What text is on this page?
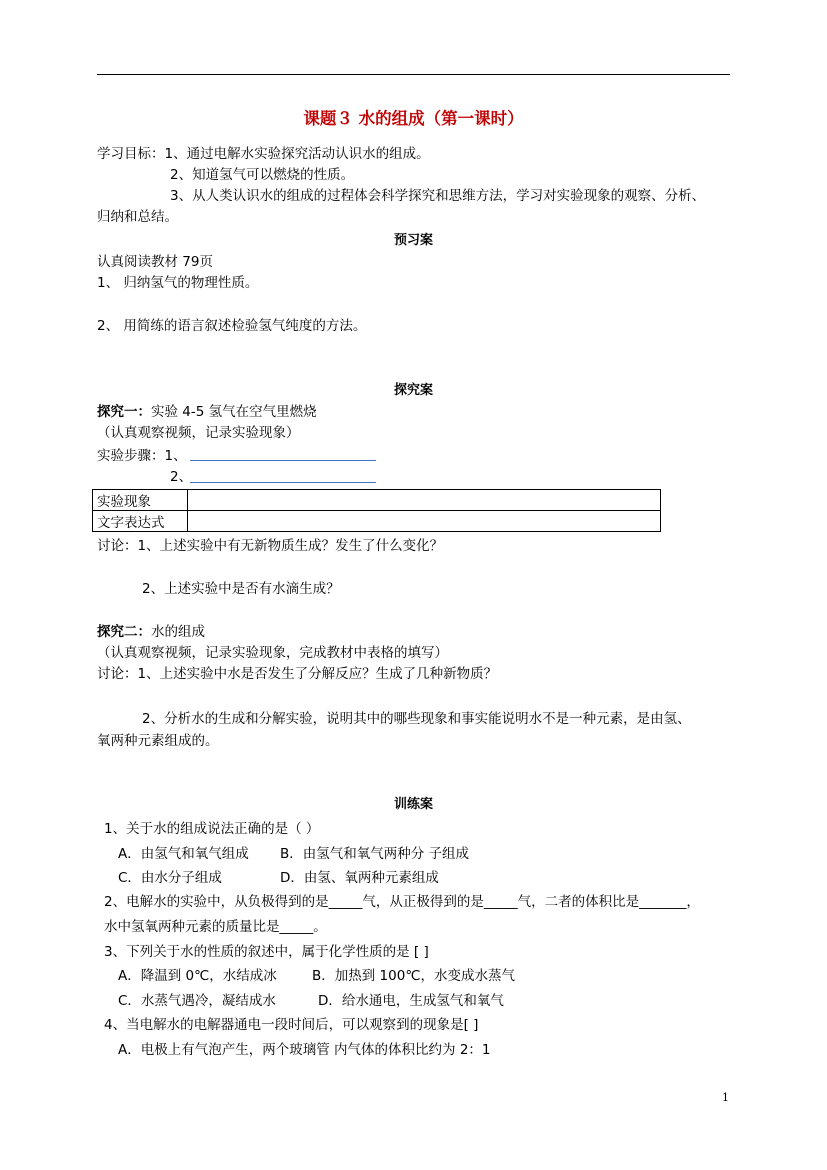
课题３ 水的组成（第一课时）
学习目标：1、通过电解水实验探究活动认识水的组成。
2、知道氢气可以燃烧的性质。
3、从人类认识水的组成的过程体会科学探究和思维方法，学习对实验现象的观察、分析、
归纳和总结。
预习案
认真阅读教材 79页
1、 归纳氢气的物理性质。
2、 用简练的语言叙述检验氢气纯度的方法。
探究案
探究一：实验 4-5 氢气在空气里燃烧
（认真观察视频，记录实验现象）
实验步骤：1、
2、
实验现象	
文字表达式	
讨论：1、上述实验中有无新物质生成？发生了什么变化？
2、上述实验中是否有水滴生成？
探究二：水的组成
（认真观察视频，记录实验现象，完成教材中表格的填写）
讨论：1、上述实验中水是否发生了分解反应？生成了几种新物质？
2、分析水的生成和分解实验，说明其中的哪些现象和事实能说明水不是一种元素，是由氢、
氧两种元素组成的。
训练案
1、关于水的组成说法正确的是（ ）
A．由氢气和氧气组成 B．由氢气和氧气两种分 子组成
C．由水分子组成	D．由氢、氧两种元素组成
2、电解水的实验中，从负极得到的是_____气，从正极得到的是_____气，二者的体积比是_______，
水中氢氧两种元素的质量比是_____。
3、下列关于水的性质的叙述中，属于化学性质的是 [ ]
A．降温到 0℃，水结成冰	B．加热到 100℃，水变成水蒸气
C．水蒸气遇冷，凝结成水	D．给水通电，生成氢气和氧气
4、当电解水的电解器通电一段时间后，可以观察到的现象是[ ]
A．电极上有气泡产生，两个玻璃管 内气体的体积比约为 2：1
1
